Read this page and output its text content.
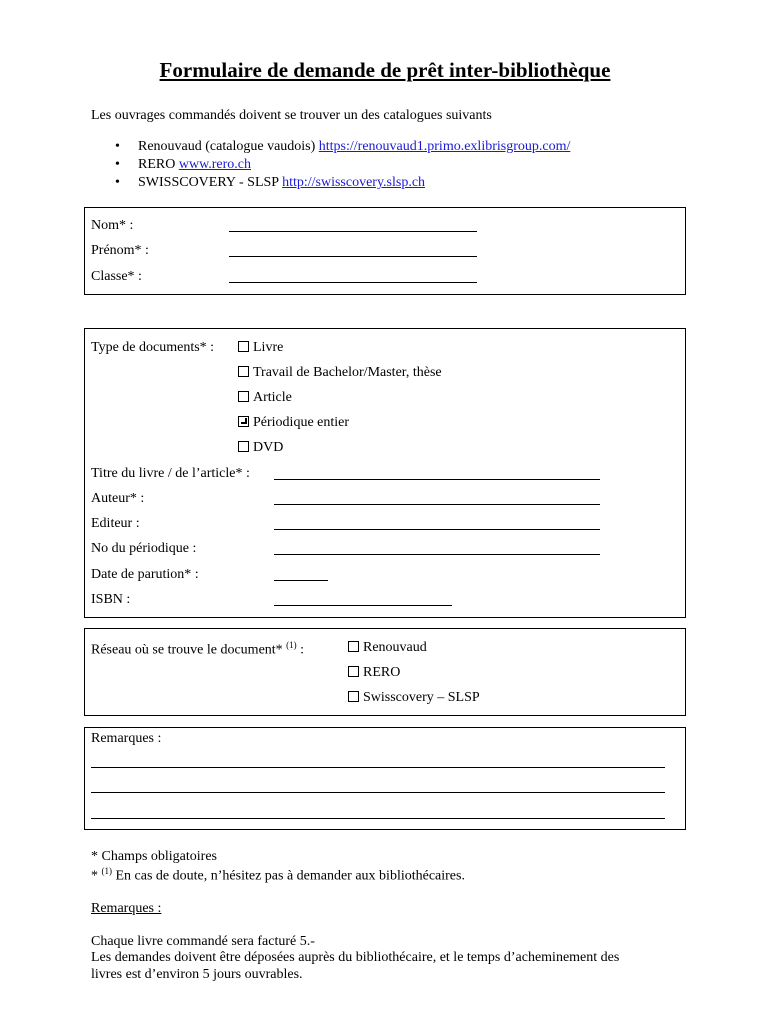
Formulaire de demande de prêt inter-bibliothèque
Les ouvrages commandés doivent se trouver un des catalogues suivants
• Renouvaud (catalogue vaudois) https://renouvaud1.primo.exlibrisgroup.com/
• RERO www.rero.ch
• SWISSCOVERY - SLSP http://swisscovery.slsp.ch
Nom* :
Prénom* :
Classe* :
Type de documents* :	Livre
Travail de Bachelor/Master, thèse
Article
Périodique entier
DVD
Titre du livre / de l’article* :
Auteur* :
Editeur :
No du périodique :
Date de parution* :
ISBN :
Réseau où se trouve le document* $^{(1)}$ :	Renouvaud
RERO
Swisscovery – SLSP
Remarques :
* Champs obligatoires
* $^{(1)}$ En cas de doute, n’hésitez pas à demander aux bibliothécaires.
Remarques :
Chaque livre commandé sera facturé 5.-
Les demandes doivent être déposées auprès du bibliothécaire, et le temps d’acheminement des
livres est d’environ 5 jours ouvrables.
